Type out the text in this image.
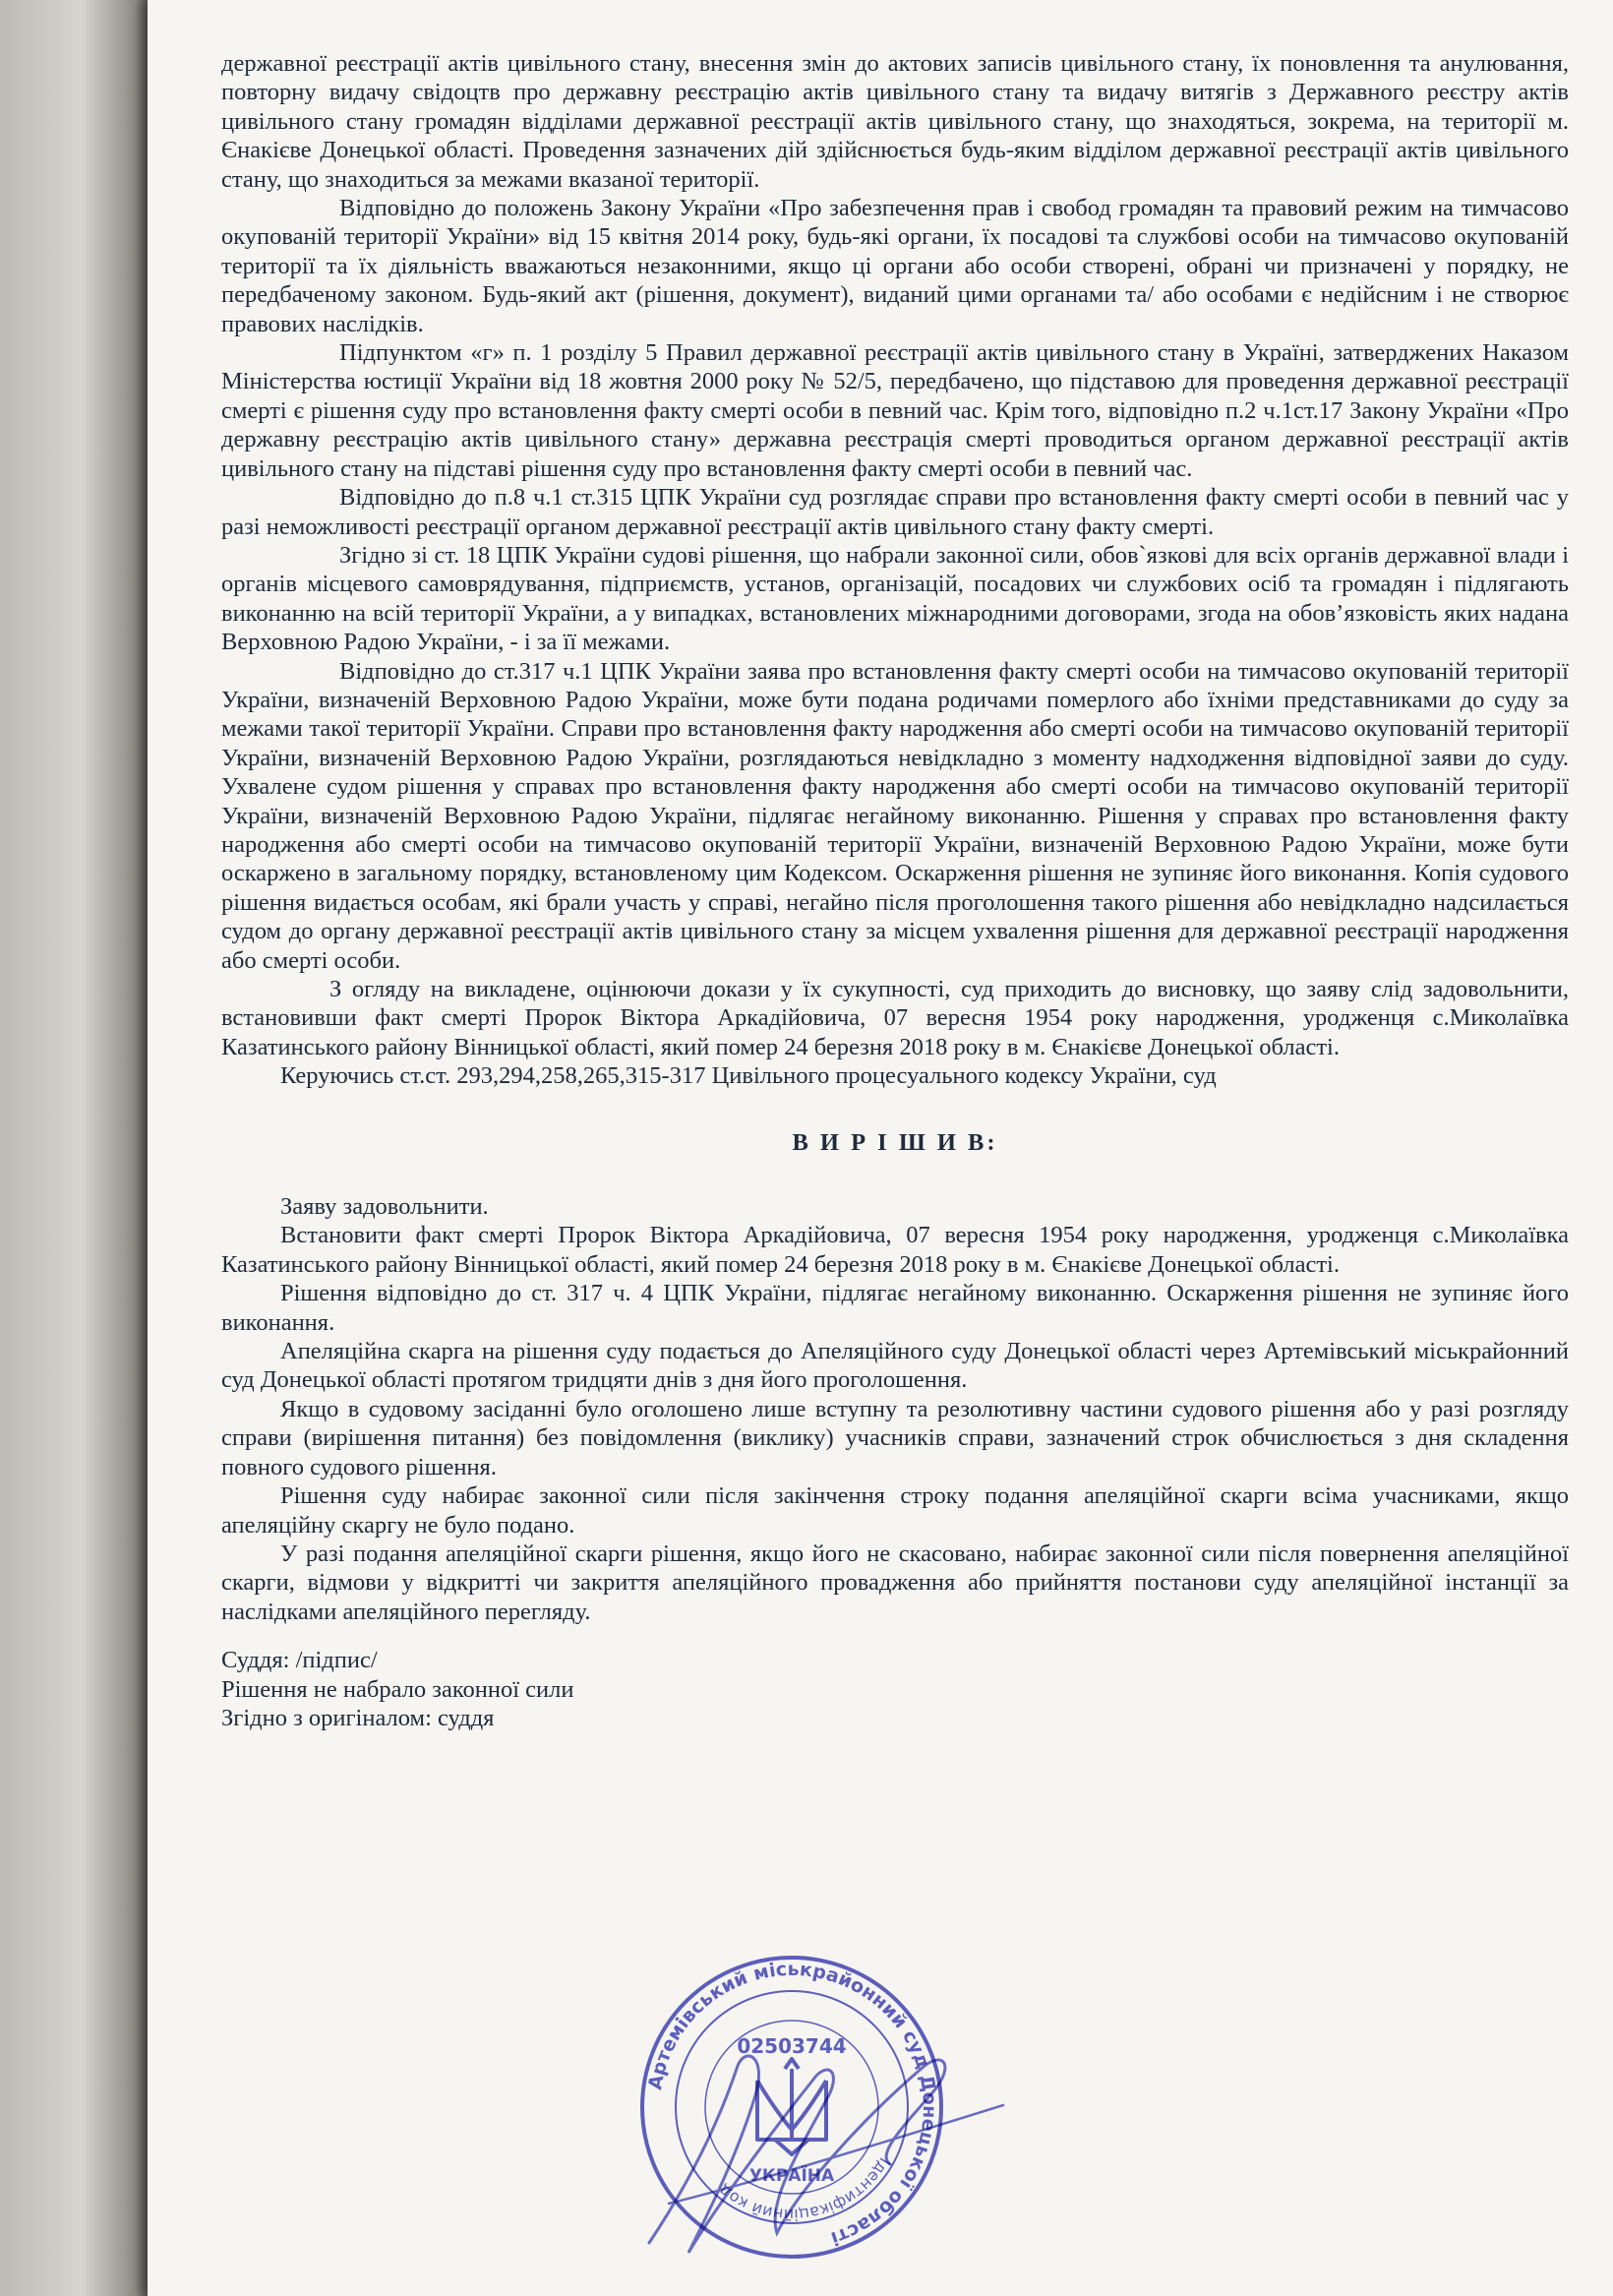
державної реєстрації актів цивільного стану, внесення змін до актових записів цивільного стану, їх поновлення та анулювання, повторну видачу свідоцтв про державну реєстрацію актів цивільного стану та видачу витягів з Державного реєстру актів цивільного стану громадян відділами державної реєстрації актів цивільного стану, що знаходяться, зокрема, на території м. Єнакієве Донецької області. Проведення зазначених дій здійснюється будь-яким відділом державної реєстрації актів цивільного стану, що знаходиться за межами вказаної території.

Відповідно до положень Закону України «Про забезпечення прав і свобод громадян та правовий режим на тимчасово окупованій території України» від 15 квітня 2014 року, будь-які органи, їх посадові та службові особи на тимчасово окупованій території та їх діяльність вважаються незаконними, якщо ці органи або особи створені, обрані чи призначені у порядку, не передбаченому законом. Будь-який акт (рішення, документ), виданий цими органами та/ або особами є недійсним і не створює правових наслідків.

Підпунктом «г» п. 1 розділу 5 Правил державної реєстрації актів цивільного стану в Україні, затверджених Наказом Міністерства юстиції України від 18 жовтня 2000 року № 52/5, передбачено, що підставою для проведення державної реєстрації смерті є рішення суду про встановлення факту смерті особи в певний час. Крім того, відповідно п.2 ч.1ст.17 Закону України «Про державну реєстрацію актів цивільного стану» державна реєстрація смерті проводиться органом державної реєстрації актів цивільного стану на підставі рішення суду про встановлення факту смерті особи в певний час.

Відповідно до п.8 ч.1 ст.315 ЦПК України суд розглядає справи про встановлення факту смерті особи в певний час у разі неможливості реєстрації органом державної реєстрації актів цивільного стану факту смерті.

Згідно зі ст. 18 ЦПК України судові рішення, що набрали законної сили, обов`язкові для всіх органів державної влади і органів місцевого самоврядування, підприємств, установ, організацій, посадових чи службових осіб та громадян і підлягають виконанню на всій території України, а у випадках, встановлених міжнародними договорами, згода на обов’язковість яких надана Верховною Радою України, - і за її межами.

Відповідно до ст.317 ч.1 ЦПК України заява про встановлення факту смерті особи на тимчасово окупованій території України, визначеній Верховною Радою України, може бути подана родичами померлого або їхніми представниками до суду за межами такої території України. Справи про встановлення факту народження або смерті особи на тимчасово окупованій території України, визначеній Верховною Радою України, розглядаються невідкладно з моменту надходження відповідної заяви до суду. Ухвалене судом рішення у справах про встановлення факту народження або смерті особи на тимчасово окупованій території України, визначеній Верховною Радою України, підлягає негайному виконанню. Рішення у справах про встановлення факту народження або смерті особи на тимчасово окупованій території України, визначеній Верховною Радою України, може бути оскаржено в загальному порядку, встановленому цим Кодексом. Оскарження рішення не зупиняє його виконання. Копія судового рішення видається особам, які брали участь у справі, негайно після проголошення такого рішення або невідкладно надсилається судом до органу державної реєстрації актів цивільного стану за місцем ухвалення рішення для державної реєстрації народження або смерті особи.

З огляду на викладене, оцінюючи докази у їх сукупності, суд приходить до висновку, що заяву слід задовольнити, встановивши факт смерті Пророк Віктора Аркадійовича, 07 вересня 1954 року народження, уродженця с.Миколаївка Казатинського району Вінницької області, який помер 24 березня 2018 року в м. Єнакієве Донецької області.

Керуючись ст.ст. 293,294,258,265,315-317 Цивільного процесуального кодексу України, суд

В И Р І Ш И В:

Заяву задовольнити.

Встановити факт смерті Пророк Віктора Аркадійовича, 07 вересня 1954 року народження, уродженця с.Миколаївка Казатинського району Вінницької області, який помер 24 березня 2018 року в м. Єнакієве Донецької області.

Рішення відповідно до ст. 317 ч. 4 ЦПК України, підлягає негайному виконанню. Оскарження рішення не зупиняє його виконання.

Апеляційна скарга на рішення суду подається до Апеляційного суду Донецької області через Артемівський міськрайонний суд Донецької області протягом тридцяти днів з дня його проголошення.

Якщо в судовому засіданні було оголошено лише вступну та резолютивну частини судового рішення або у разі розгляду справи (вирішення питання) без повідомлення (виклику) учасників справи, зазначений строк обчислюється з дня складення повного судового рішення.

Рішення суду набирає законної сили після закінчення строку подання апеляційної скарги всіма учасниками, якщо апеляційну скаргу не було подано.

У разі подання апеляційної скарги рішення, якщо його не скасовано, набирає законної сили після повернення апеляційної скарги, відмови у відкритті чи закриття апеляційного провадження або прийняття постанови суду апеляційної інстанції за наслідками апеляційного перегляду.

Суддя: /підпис/

Рішення не набрало законної сили

Згідно з оригіналом: суддя

Артемівський міськрайонний суд Донецької області
Ідентифікаційний код
УКРАЇНА
02503744
